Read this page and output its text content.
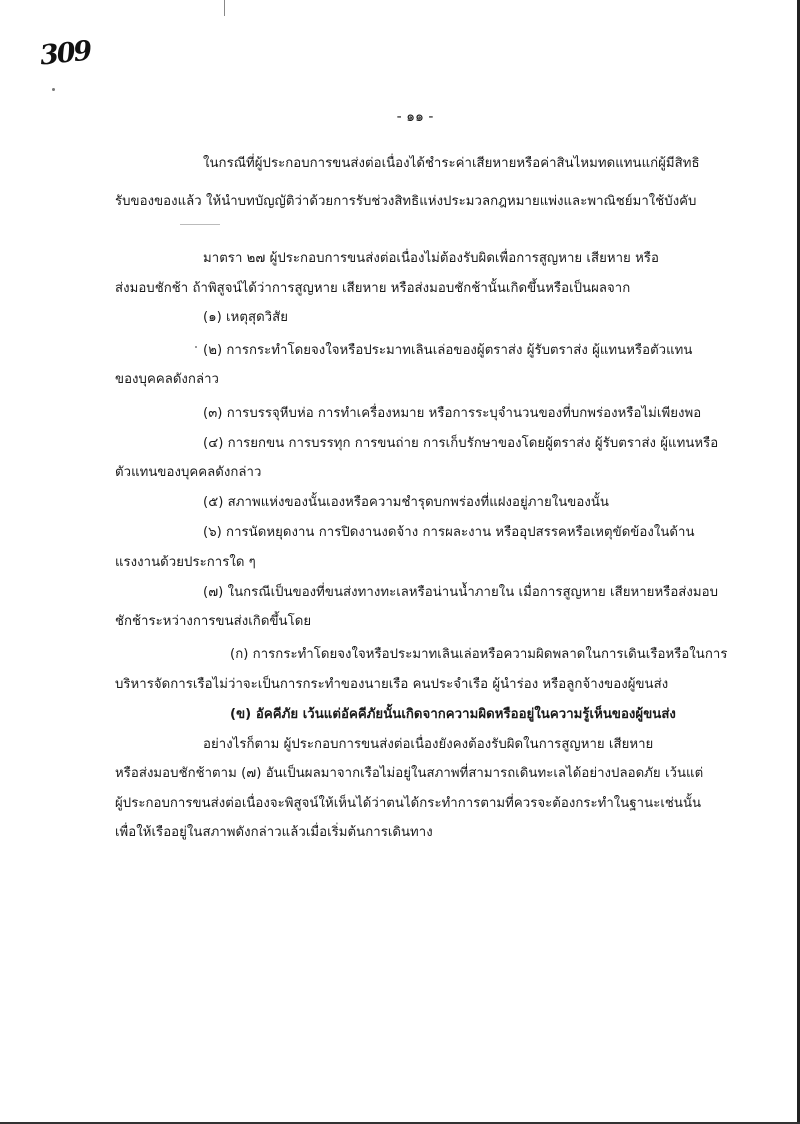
309
- ๑๑ -
ในกรณีที่ผู้ประกอบการขนส่งต่อเนื่องได้ชำระค่าเสียหายหรือค่าสินไหมทดแทนแก่ผู้มีสิทธิ
รับของของแล้ว ให้นำบทบัญญัติว่าด้วยการรับช่วงสิทธิแห่งประมวลกฎหมายแพ่งและพาณิชย์มาใช้บังคับ
มาตรา ๒๗ ผู้ประกอบการขนส่งต่อเนื่องไม่ต้องรับผิดเพื่อการสูญหาย เสียหาย หรือ
ส่งมอบชักช้า ถ้าพิสูจน์ได้ว่าการสูญหาย เสียหาย หรือส่งมอบชักช้านั้นเกิดขึ้นหรือเป็นผลจาก
(๑) เหตุสุดวิสัย
(๒) การกระทำโดยจงใจหรือประมาทเลินเล่อของผู้ตราส่ง ผู้รับตราส่ง ผู้แทนหรือตัวแทน
ของบุคคลดังกล่าว
(๓) การบรรจุหีบห่อ การทำเครื่องหมาย หรือการระบุจำนวนของที่บกพร่องหรือไม่เพียงพอ
(๔) การยกขน การบรรทุก การขนถ่าย การเก็บรักษาของโดยผู้ตราส่ง ผู้รับตราส่ง ผู้แทนหรือ
ตัวแทนของบุคคลดังกล่าว
(๕) สภาพแห่งของนั้นเองหรือความชำรุดบกพร่องที่แฝงอยู่ภายในของนั้น
(๖) การนัดหยุดงาน การปิดงานงดจ้าง การผละงาน หรืออุปสรรคหรือเหตุขัดข้องในด้าน
แรงงานด้วยประการใด ๆ
(๗) ในกรณีเป็นของที่ขนส่งทางทะเลหรือน่านน้ำภายใน เมื่อการสูญหาย เสียหายหรือส่งมอบ
ชักช้าระหว่างการขนส่งเกิดขึ้นโดย
(ก) การกระทำโดยจงใจหรือประมาทเลินเล่อหรือความผิดพลาดในการเดินเรือหรือในการ
บริหารจัดการเรือไม่ว่าจะเป็นการกระทำของนายเรือ คนประจำเรือ ผู้นำร่อง หรือลูกจ้างของผู้ขนส่ง
(ข) อัคคีภัย เว้นแต่อัคคีภัยนั้นเกิดจากความผิดหรืออยู่ในความรู้เห็นของผู้ขนส่ง
อย่างไรก็ตาม ผู้ประกอบการขนส่งต่อเนื่องยังคงต้องรับผิดในการสูญหาย เสียหาย
หรือส่งมอบชักช้าตาม (๗) อันเป็นผลมาจากเรือไม่อยู่ในสภาพที่สามารถเดินทะเลได้อย่างปลอดภัย เว้นแต่
ผู้ประกอบการขนส่งต่อเนื่องจะพิสูจน์ให้เห็นได้ว่าตนได้กระทำการตามที่ควรจะต้องกระทำในฐานะเช่นนั้น
เพื่อให้เรืออยู่ในสภาพดังกล่าวแล้วเมื่อเริ่มต้นการเดินทาง
